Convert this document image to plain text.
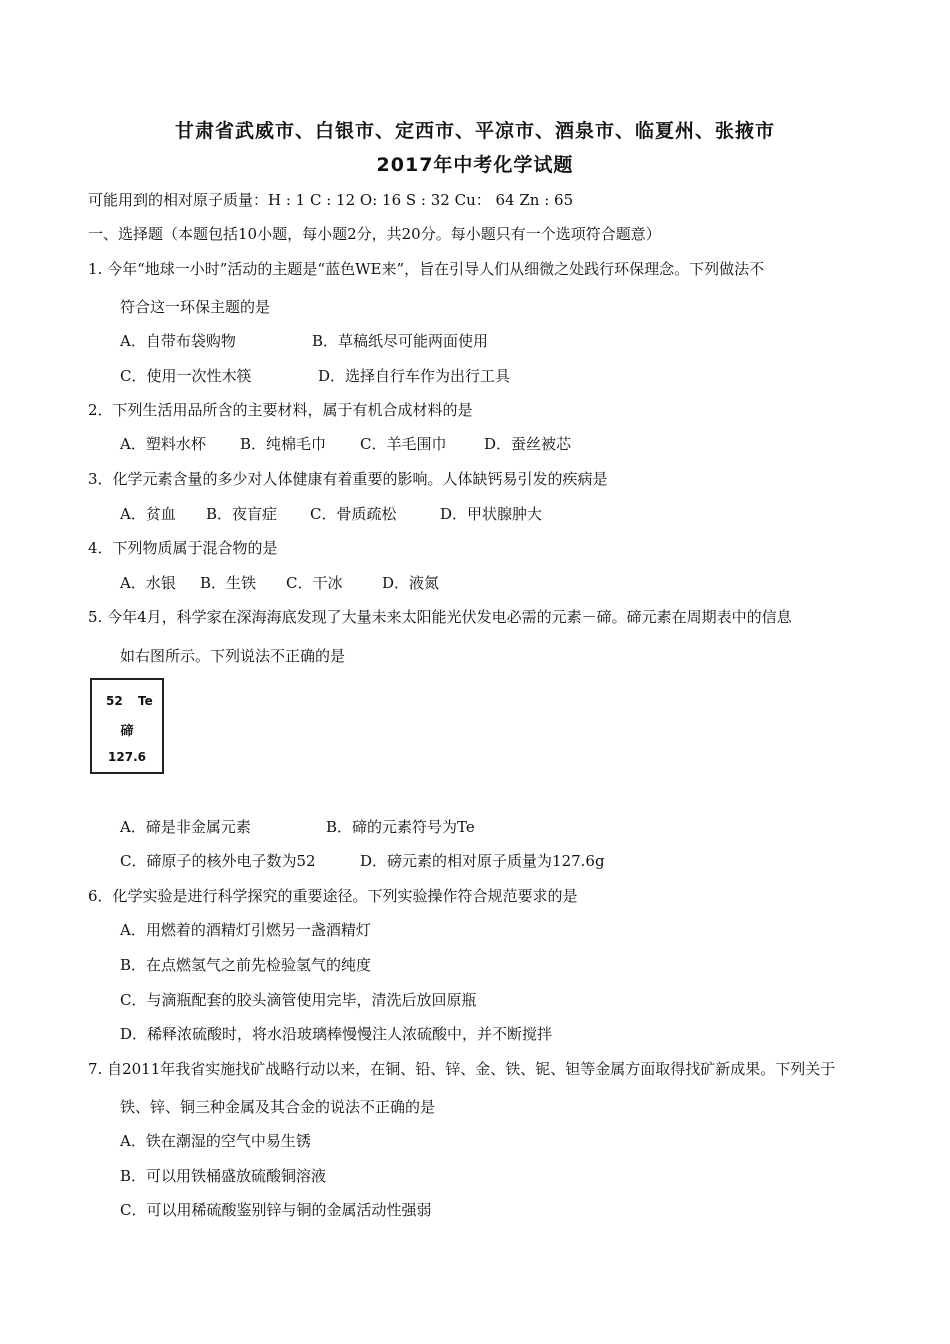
甘肃省武威市、白银市、定西市、平凉市、酒泉市、临夏州、张掖市
2017年中考化学试题
可能用到的相对原子质量：H : 1 C : 12 O: 16 S : 32 Cu： 64 Zn : 65
一、选择题（本题包括10小题，每小题2分，共20分。每小题只有一个选项符合题意）
1. 今年“地球一小时”活动的主题是“蓝色WE来”，旨在引导人们从细微之处践行环保理念。下列做法不
符合这一环保主题的是
A．自带布袋购物	B．草稿纸尽可能两面使用
C．使用一次性木筷	D．选择自行车作为出行工具
2．下列生活用品所含的主要材料，属于有机合成材料的是
A．塑料水杯 B．纯棉毛巾 C．羊毛围巾	D．蚕丝被芯
3．化学元素含量的多少对人体健康有着重要的影响。人体缺钙易引发的疾病是
A．贫血 B．夜盲症 C．骨质疏松	D．甲状腺肿大
4．下列物质属于混合物的是
A．水银 B．生铁 C．干冰	D．液氮
5. 今年4月，科学家在深海海底发现了大量未来太阳能光伏发电必需的元素－碲。碲元素在周期表中的信息
如右图所示。下列说法不正确的是
52 Te
碲
127.6
A．碲是非金属元素	B．碲的元素符号为Te
C．碲原子的核外电子数为52	D．磅元素的相对原子质量为127.6g
6．化学实验是进行科学探究的重要途径。下列实验操作符合规范要求的是
A．用燃着的酒精灯引燃另一盏酒精灯
B．在点燃氢气之前先检验氢气的纯度
C．与滴瓶配套的胶头滴管使用完毕，清洗后放回原瓶
D．稀释浓硫酸时，将水沿玻璃棒慢慢注人浓硫酸中，并不断搅拌
7. 自2011年我省实施找矿战略行动以来，在铜、铅、锌、金、铁、铌、钽等金属方面取得找矿新成果。下列关于
铁、锌、铜三种金属及其合金的说法不正确的是
A．铁在潮湿的空气中易生锈
B．可以用铁桶盛放硫酸铜溶液
C．可以用稀硫酸鉴别锌与铜的金属活动性强弱
